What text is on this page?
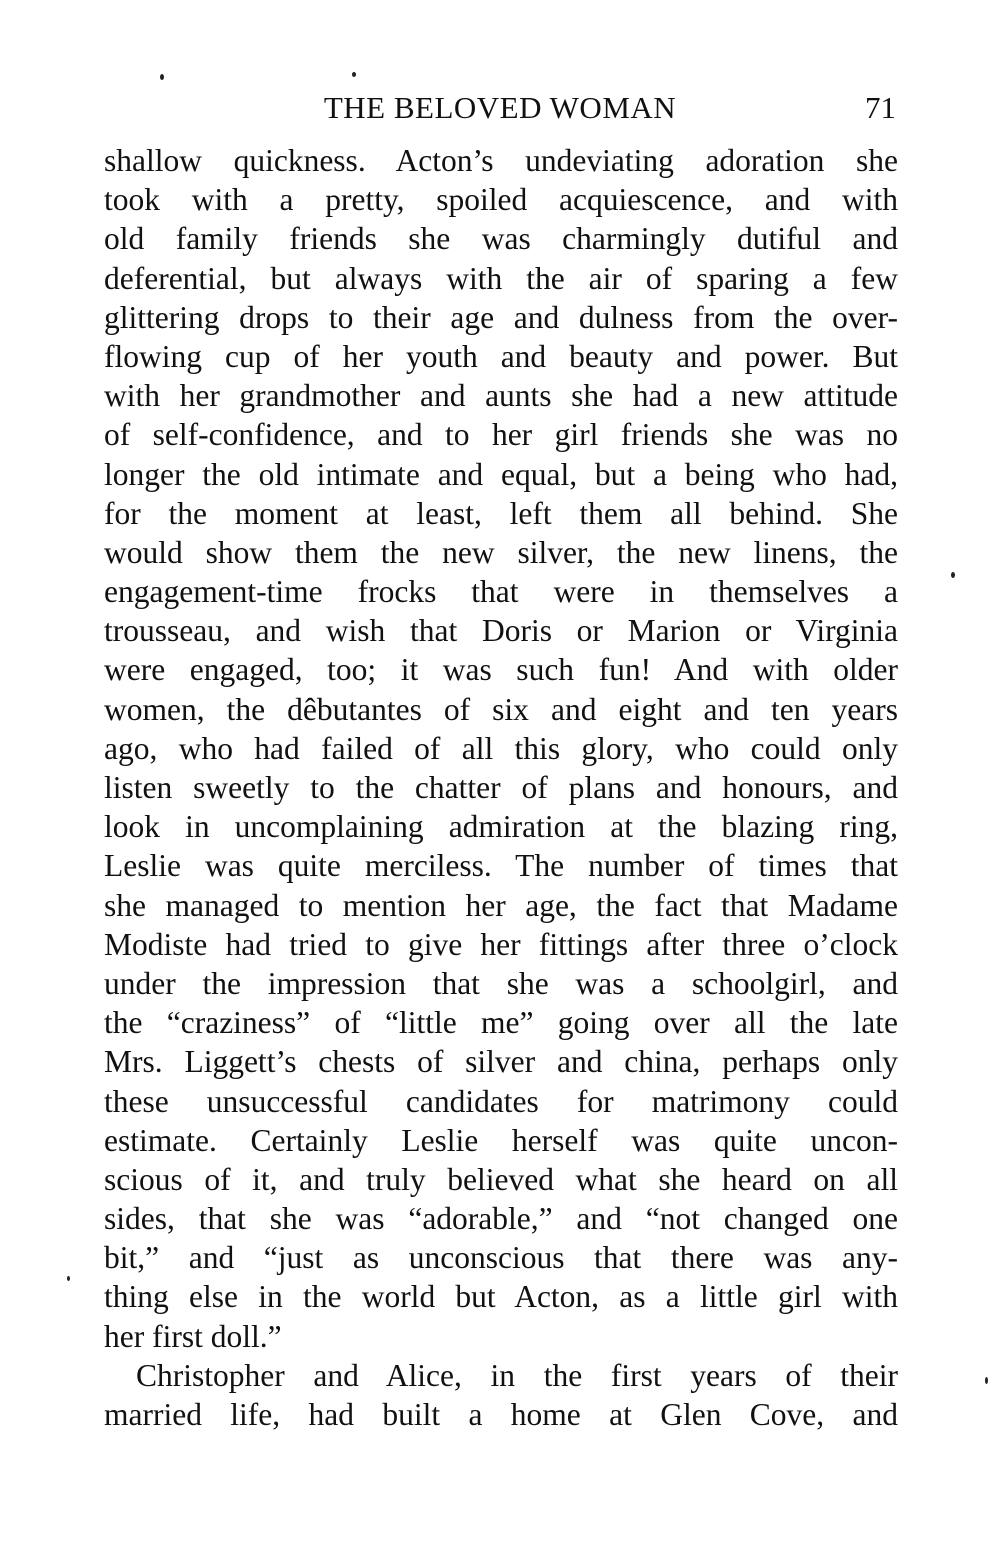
THE BELOVED WOMAN	71
shallow quickness. Acton’s undeviating adoration she
took with a pretty, spoiled acquiescence, and with
old family friends she was charmingly dutiful and
deferential, but always with the air of sparing a few
glittering drops to their age and dulness from the over-
flowing cup of her youth and beauty and power. But
with her grandmother and aunts she had a new attitude
of self-confidence, and to her girl friends she was no
longer the old intimate and equal, but a being who had,
for the moment at least, left them all behind. She
would show them the new silver, the new linens, the
engagement-time frocks that were in themselves a
trousseau, and wish that Doris or Marion or Virginia
were engaged, too; it was such fun! And with older
women, the dêbutantes of six and eight and ten years
ago, who had failed of all this glory, who could only
listen sweetly to the chatter of plans and honours, and
look in uncomplaining admiration at the blazing ring,
Leslie was quite merciless. The number of times that
she managed to mention her age, the fact that Madame
Modiste had tried to give her fittings after three o’clock
under the impression that she was a schoolgirl, and
the “craziness” of “little me” going over all the late
Mrs. Liggett’s chests of silver and china, perhaps only
these unsuccessful candidates for matrimony could
estimate. Certainly Leslie herself was quite uncon-
scious of it, and truly believed what she heard on all
sides, that she was “adorable,” and “not changed one
bit,” and “just as unconscious that there was any-
thing else in the world but Acton, as a little girl with
her first doll.”
Christopher and Alice, in the first years of their
married life, had built a home at Glen Cove, and
